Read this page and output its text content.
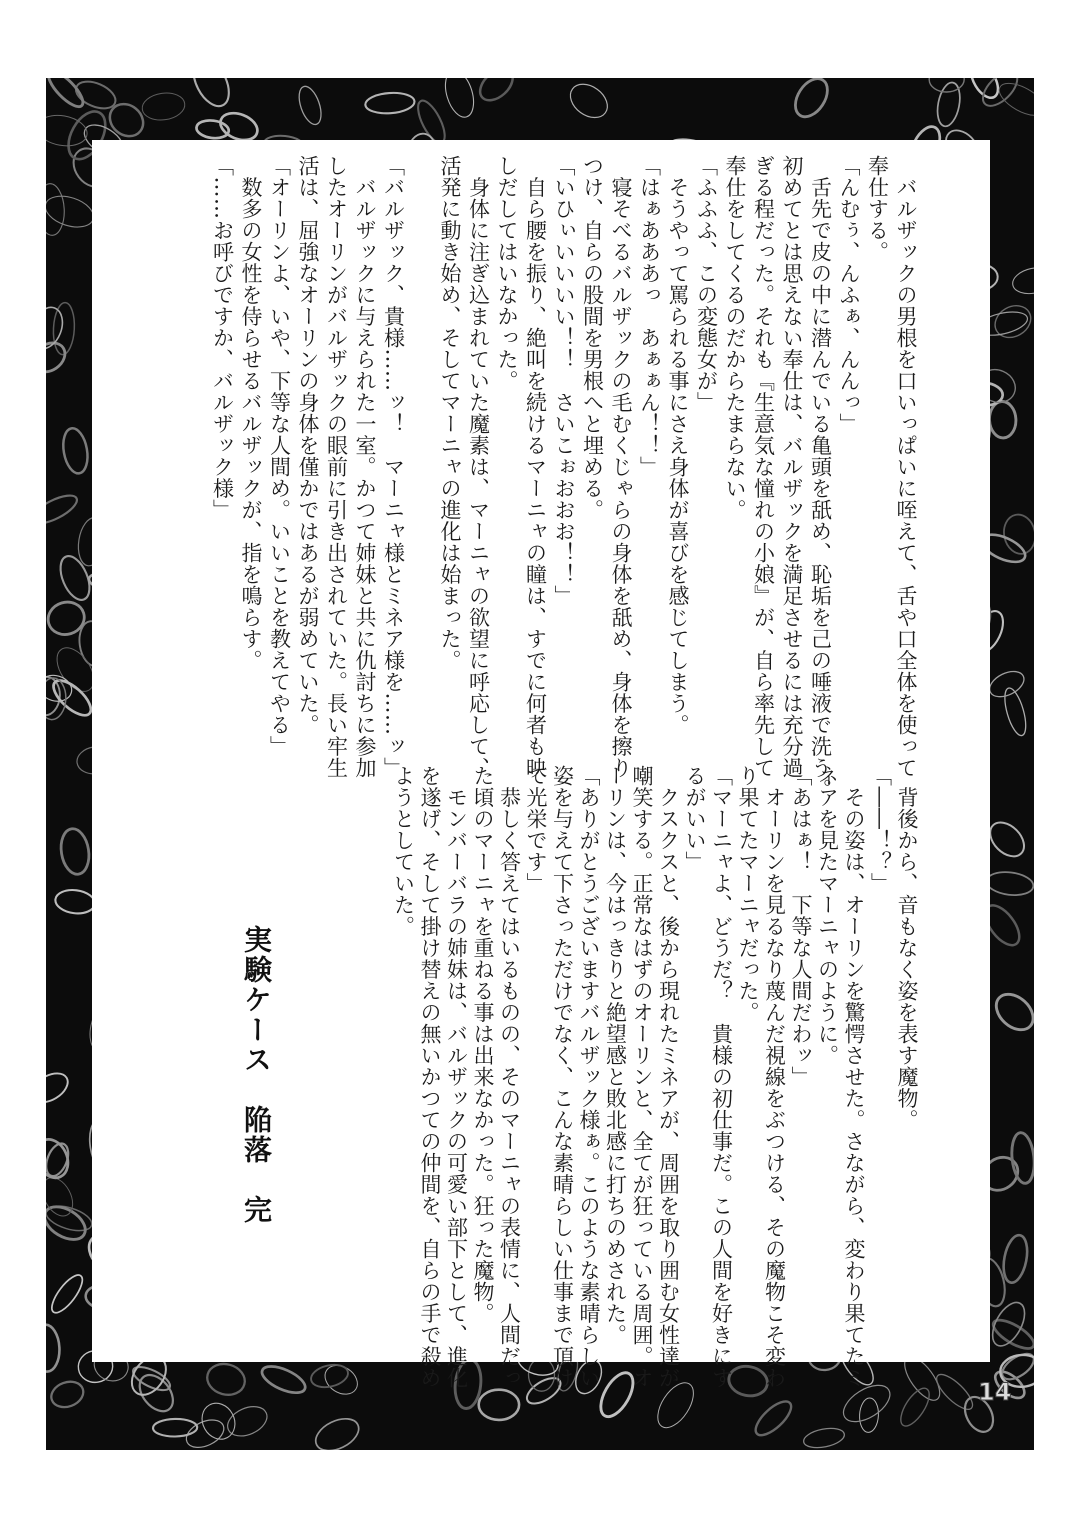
　バルザックの男根を口いっぱいに咥えて、舌や口全体を使って

奉仕する。

「んむぅ、んふぁ、んんっ」

　舌先で皮の中に潜んでいる亀頭を舐め、恥垢を己の唾液で洗う。

初めてとは思えない奉仕は、バルザックを満足させるには充分過

ぎる程だった。それも『生意気な憧れの小娘』が、自ら率先して

奉仕をしてくるのだからたまらない。

「ふふふ、この変態女が」

　そうやって罵られる事にさえ身体が喜びを感じてしまう。

「はぁあああっ　あぁぁん！！」

　寝そべるバルザックの毛むくじゃらの身体を舐め、身体を擦り

つけ、自らの股間を男根へと埋める。

「いひぃいいいい！！　さいこぉおおお！！」

　自ら腰を振り、絶叫を続けるマーニャの瞳は、すでに何者も映

しだしてはいなかった。

　身体に注ぎ込まれていた魔素は、マーニャの欲望に呼応して、

活発に動き始め、そしてマーニャの進化は始まった。

「バルザック、貴様……ッ！　マーニャ様とミネア様を……ッ」

　バルザックに与えられた一室。かつて姉妹と共に仇討ちに参加

したオーリンがバルザックの眼前に引き出されていた。長い牢生

活は、屈強なオーリンの身体を僅かではあるが弱めていた。

「オーリンよ、いや、下等な人間め。いいことを教えてやる」

　数多の女性を侍らせるバルザックが、指を鳴らす。

「……お呼びですか、バルザック様」

　背後から、音もなく姿を表す魔物。

「――！？」

　その姿は、オーリンを驚愕させた。さながら、変わり果てたミ

ネアを見たマーニャのように。

「あはぁ！　下等な人間だわッ」

　オーリンを見るなり蔑んだ視線をぶつける、その魔物こそ変わ

り果てたマーニャだった。

「マーニャよ、どうだ？　貴様の初仕事だ。この人間を好きにす

るがいい」

　クスクスと、後から現れたミネアが、周囲を取り囲む女性達が

嘲笑する。正常なはずのオーリンと、全てが狂っている周囲。オ

ーリンは、今はっきりと絶望感と敗北感に打ちのめされた。

「ありがとうございますバルザック様ぁ。このような素晴らしい

姿を与えて下さっただけでなく、こんな素晴らしい仕事まで頂け

て光栄です」

　恭しく答えてはいるものの、そのマーニャの表情に、人間だっ

た頃のマーニャを重ねる事は出来なかった。狂った魔物。

　モンバーバラの姉妹は、バルザックの可愛い部下として、進化

を遂げ、そして掛け替えの無いかつての仲間を、自らの手で殺め

ようとしていた。

実験ケース　陥落　完
14
